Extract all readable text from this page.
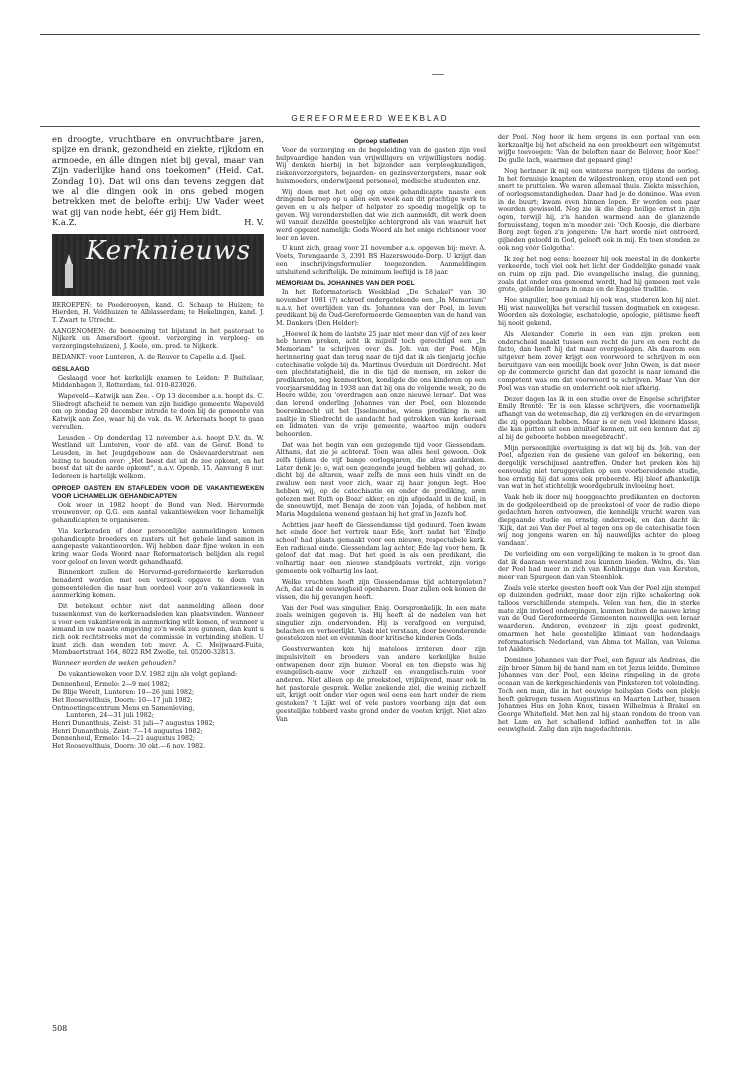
GEREFORMEERD WEEKBLAD
en droogte, vruchtbare en onvruchtbare jaren, spijze en drank, gezondheid en ziekte, rijkdom en armoede, en álle dingen niet bij geval, maar van Zijn vaderlijke hand ons toekomen" (Heid. Cat. Zondag 10). Dat wil ons dan tevens zeggen dat we al die dingen ook in ons gebed mogen betrekken met de belofte erbij: Uw Vader weet wat gij van node hebt, éér gij Hem bidt.
K.a.Z.	H. V.
Kerknieuws

BEROEPEN: te Poederooyen, kand. G. Schaap te Huizen; te Hierden, H. Veldhuizen te Alblasserdam; te Hekelingen, kand. J. T. Zwart te Utrecht.

AANGENOMEN: de benoeming tot bijstand in het pastoraat te Nijkerk en Amersfoort (geest. verzorging in verpleeg- en verzorgingstehuizen), J. Koele, em. pred. te Nijkerk.

BEDANKT: voor Lunteren, A. de Reuver te Capelle a.d. IJsel.

GESLAAGD

Geslaagd voor het kerkelijk examen te Leiden: P. Buitelaar, Middenhagen 3, Rotterdam, tel. 010-823026.

Wapeveld—Katwijk aan Zee. - Op 13 december a.s. hoopt ds. C. Sliedregt afscheid te nemen van zijn huidige gemeente Wapeveld om op zondag 20 december intrede te doen bij de gemeente van Katwijk aan Zee, waar hij de vak. ds. W. Arkeraats hoopt te gaan vervullen.

Leusden - Op donderdag 12 november a.s. hoopt D.V. ds. W. Westland uit Lunteren, voor de afd. van de Geref. Bond te Leusden, in het Jeugdgebouw aan de Oslevaarderstraat een lezing te houden over: „Het beest dat uit de zee opkomt, en het beest dat uit de aarde opkomt", n.a.v. Openb. 15. Aanvang 8 uur. Iedereen is hartelijk welkom.

OPROEP GASTEN EN STAFLEDEN VOOR DE VAKANTIEWEKEN VOOR LICHAMELIJK GEHANDICAPTEN

Ook weer in 1982 hoopt de Bond van Ned. Hervormde vrouwenver. op G.G. een aantal vakantieweken voor lichamelijk gehandicapten te organiseren.

Via kerkeraden of door persoonlijke aanmeldingen komen gehandicapte broeders en zusters uit het gehele land samen in aangepaste vakantieoorden. Wij hebben daar fijne weken in een kring waar Gods Woord naar Reformatorisch belijden als regel voor geloof en leven wordt gehandhaafd.

Binnenkort zullen de Hervormd-gereformeerde kerkeraden benaderd worden met een verzoek opgave te doen van gemeenteleden die naar hun oordeel voor zo'n vakantieweek in aanmerking komen.

Dit betekent echter niet dat aanmelding alleen door tussenkomst van de kerkeraadsleden kan plaatsvinden. Wanneer u voor een vakantieweek in aanmerking wilt komen, of wanneer u iemand in uw naaste omgeving zo'n week zou gunnen, dan kunt u zich ook rechtstreeks met de commissie in verbinding stellen. U kunt zich dan wenden tot: mevr. A. C. Meijwaard-Fuite, Mombaertstraat 164, 8022 RM Zwolle, tel. 05200-32813.

Wanneer worden de weken gehouden?

De vakantieweken voor D.V. 1982 zijn als volgt gepland:

Dennenheul, Ermelo: 2—9 mei 1982;
De Blije Werelt, Lunteren: 19—26 juni 1982;
Het Roosevelthuis, Doorn: 10—17 juli 1982;
Ontmoetingscentrum Mens en Samenleving,
Lunteren, 24—31 juli 1982;
Henri Dunanthuis, Zeist: 31 juli—7 augustus 1982;
Henri Dunanthuis, Zeist: 7—14 augustus 1982;
Dennenheul, Ermelo: 14—21 augustus 1982;
Het Roosevelthuis, Doorn: 30 okt.—6 nov. 1982.
Oproep stafleden

Voor de verzorging en de begeleiding van de gasten zijn veel hulpvaardige handen van vrijwilligers en vrijwilligsters nodig. Wij denken hierbij in het bijzonder aan verpleegkundigen, ziekenverzorgsters, bejaarden- en gezinsverzorgsters, maar ook huismoeders, onderwijzend personeel, medische studenten enz.

Wij doen met het oog op onze gehandicapte naaste een dringend beroep op u allen een week aan dit prachtige werk te geven en u als helper of helpster zo spoedig mogelijk op te geven. Wij veronderstellen dat wie zich aanmeldt, dit werk doen wil vanuit dezelfde geestelijke achtergrond als van waaruit het werd opgezet namelijk: Gods Woord als het enige richtsnoer voor leer en leven.

U kunt zich, graag voor 21 november a.s. opgeven bij: mevr. A. Voets, Torengaarde 3, 2391 BS Hazerswoude-Dorp. U krijgt dan een inschrijvingsformulier toegezonden. Aanmeldingen uitsluitend schriftelijk. De minimum leeftijd is 18 jaar.

MEMORIAM Ds. JOHANNES VAN DER POEL

In het Reformatorisch Weekblad „De Schakel" van 30 november 1981 (?) schreef ondergetekende een „In Memoriam" n.a.v. het overlijden van ds. Johannes van der Poel, in leven predikant bij de Oud-Gereformeerde Gemeenten van de hand van M. Dankers (Den Helder):

„Hoewel ik hem de laatste 25 jaar niet meer dan vijf of zes keer heb horen preken, acht ik mijzelf toch gerechtigd een „In Memoriam" te schrijven over ds. Joh. van der Poel. Mijn herinnering gaat dan terug naar de tijd dat ik als tienjarig jochie catechisatie volgde bij ds. Martinus Overduin uit Dordrecht. Met een plechtstatigheid, die in die tijd de mensen, en zeker de predikanten, nog kenmerkten, kondigde die ons kinderen op een voorjaarsmiddag in 1938 aan dat bij ons de volgende week, zo de Heere wilde, zou 'overdragen aan onze nieuwe leraar'. Dat was dan lerend onderling Johannes van der Poel, een blozende boerenknecht uit het IJsselmondse, wiens prediking in een zaaltje in Sliedrecht de aandacht had getrokken van kerkeraad en lidmaten van de vrije gemeente, waartoe mijn ouders behoorden.

Dat was het begin van een gezegende tijd voor Giessendam. Althans, dat zie je achteraf. Toen was alles heel gewoon. Ook zelfs tijdens de vijf bange oorlogsjaren, die alras aanbraken. Later denk je: o, wat een gezegende jeugd hebben wij gehad, zo dicht bij de altaren, waar zelfs de mus een huis vindt en de zwaluw een nest voor zich, waar zij haar jongen legt. Hoe hebben wij, op de catechisatie en onder de prediking, aren gelezen met Ruth op Boaz' akker, en zijn afgedaald in de kuil, in de sneeuwtijd, met Benaja de zoon van Jojada, of hebben met Maria Magdalena wenend gestaan bij het graf in Jozefs hof.

Achttien jaar heeft de Giessendamse tijd geduurd. Toen kwam het einde door het vertrek naar Ede, kort nadat het 'Eindje school' had plaats gemaakt voor een nieuwe, respectabele kerk. Een radicaal einde. Giessendam lag achter, Ede lag voor hem. Ik geloof dat dat mag. Dat het goed is als een predikant, die volhartig naar een nieuwe standplaats vertrekt, zijn vorige gemeente ook volhartig los laat.

Welke vruchten heeft zijn Giessendamse tijd achtergelaten? Ach, dat zal de eeuwigheid openbaren. Daar zullen ook komen de vissen, die hij gevangen heeft.

Van der Poel was singulier. Enig. Oorspronkelijk. In een mate zoals weinigen gegeven is. Hij heeft al de nadelen van het singulier zijn ondervonden. Hij is verafgood en verguisd, belachen en verheerlijkt. Vaak niet verstaan, door bewonderende geestelozen niet en evenmin door kritische kinderen Gods.

Geestverwanten kon hij mateloos irriteren door zijn impulsiviteit en broeders van andere kerkelijke huize ontwapenen door zijn humor. Vooral en ten diepste was hij evangelisch-nauw voor zichzelf en evangelisch-ruim voor anderen. Niet alleen op de preekstoel, vrijblijvend, maar ook in het pastorale gesprek. Welke zoekende ziel, die weinig zichzelf uit, krijgt ooit onder vier ogen wel eens een hart onder de riem gestoken? 't Lijkt wel of vele pastors voorbang zijn dat een geestelijke tobberd vaste grond onder de voeten krijgt. Niet alzo Van

der Poel. Nog hoor ik hem ergens in een portaal van een kerkzaaltje bij het afscheid na een preekbeurt een witgemutst wijfje toevoegen: 'Van de beloften naar de Belover, hoor Kee!' De gulle lach, waarmee dat gepaard ging!

Nog herinner ik mij een winterse morgen tijdens de oorlog. In het fornuisje knapten de wilgestronken, erop stond een pot snert te pruttelen. We waren allemaal thuis. Ziekte misschien, of oorlogsomstandigheden. Daar had je de dominee. Was even in de buurt; kwam even binnen lopen. Er werden een paar woorden gewisseld. Nog zie ik die diep heilige ernst in zijn ogen, terwijl hij, z'n handen warmend aan de glanzende fornuisstang, tegen m'n moeder zei: 'Och Koosje, die dierbare Borg zegt tegen z'n jongeren: Uw hart worde niet ontroerd, gijlieden geloofd in God, gelooft ook in mij. En toen stonden ze ook nog vóór Golgotha'.

Ik zeg het nog eens: hoezeer hij ook meestal in de donkerte verkeerde, toch viel ook het licht der Goddelijke genade vaak en ruim op zijn pad. Die evangelische inslag, die gunning, zoals dat onder ons genoemd wordt, had hij gemeen met vele grote, geliefde leraars in onze en de Engelse traditie.

Hoe singulier, hoe geniaal hij ook was, studeren kon hij niet. Hij wist nauwelijks het verschil tussen dogmatiek en exegese. Woorden als doxologie, eschatologie, apologie, piëtisme heeft hij nooit gekend.

Als Alexander Comrie in een van zijn preken een onderscheid maakt tussen een recht de jure en een recht de facto, dan heeft hij dat maar overgeslagen. Als daarom een uitgever hem zover krijgt een voorwoord te schrijven in een heruitgave van een moeilijk boek over John Owen, is dat meer op de commercie gericht dan dat gezocht is naar iemand die competent was om dat voorwoord te schrijven. Maar Van der Poel was van studie en onderricht ook niet afkerig.

Dezer dagen las ik in een studie over de Engelse schrijfster Emily Brontë: 'Er is een klasse schrijvers, die voornamelijk afhangt van de wetenschap, die zij verkregen en de ervaringen die zij opgedaan hebben. Maar is er een veel kleinere klasse, die kan putten uit een intuïtief kennen, uit een kennen dat zij al bij de geboorte hebben meegebracht'.

Mijn persoonlijke overtuiging is dat wij bij ds. Joh. van der Poel, afgezien van de gesiene van geloof en bekering, een dergelijk verschijnsel aantreffen. Onder het preken kòn hij eenvoudig niet teruggevallen op een voorbereidende studie, hoe ernstig hij dat soms ook probeerde. Hij bleef afhankelijk van wat in het stichtelijk woordgebruik invloeiing heet.

Vaak heb ik door mij hooggeachte predikanten en doctoren in de godgeleerdheid op de preekstoel of voor de radio diepe gedachten horen ontvouwen, die kennelijk vrucht waren van diepgaande studie en ernstig onderzoek, en dan dacht ik: 'Kijk, dat zei Van der Poel al tegen ons op de catechisatie toen wij nog jongens waren en hij nauwelijks achter de ploeg vandaan'.

De verleiding om een vergelijking te maken is te groot dan dat ik daaraan weerstand zou kunnen bieden. Welnu, ds. Van der Poel had meer in zich van Kohlbrugge dan van Kersten, meer van Spurgeon dan van Steenblok.

Zoals vele sterke geesten heeft ook Van der Poel zijn stempel op duizenden gedrukt, maar door zijn rijke schakering ook talloos verschillende stempels. Velen van hen, die in sterke mate zijn invloed ondergingen, kunnen buiten de nauwe kring van de Oud Gereformeerde Gemeenten nauwelijks een leraar waarderen. Anderen, evenzeer in zijn geest gedrenkt, omarmen het hele geestelijke klimaat van hedendaags reformatorisch Nederland, van Abma tot Mallan, van Velema tot Aalders.

Dominee Johannes van der Poel, een figuur als Andreas, die zijn broer Simon bij de hand nam en tot Jezus leidde. Dominee Johannes van der Poel, een kleine rimpeling in de grote oceaan van de kerkgeschiedenis van Pinksteren tot voleinding. Toch een man, die in het eeuwige heilsplan Gods een plekje heeft gekregen tussen Augustinus en Maarten Luther, tussen Johannes Hus en John Knox, tussen Wilhelmus à Brakel en George Whitefield. Met hen zal hij staan rondom de troon van het Lam en het schallend loflied aanheffen tot in alle eeuwigheid. Zalig dan zijn nagedachtenis.

508
